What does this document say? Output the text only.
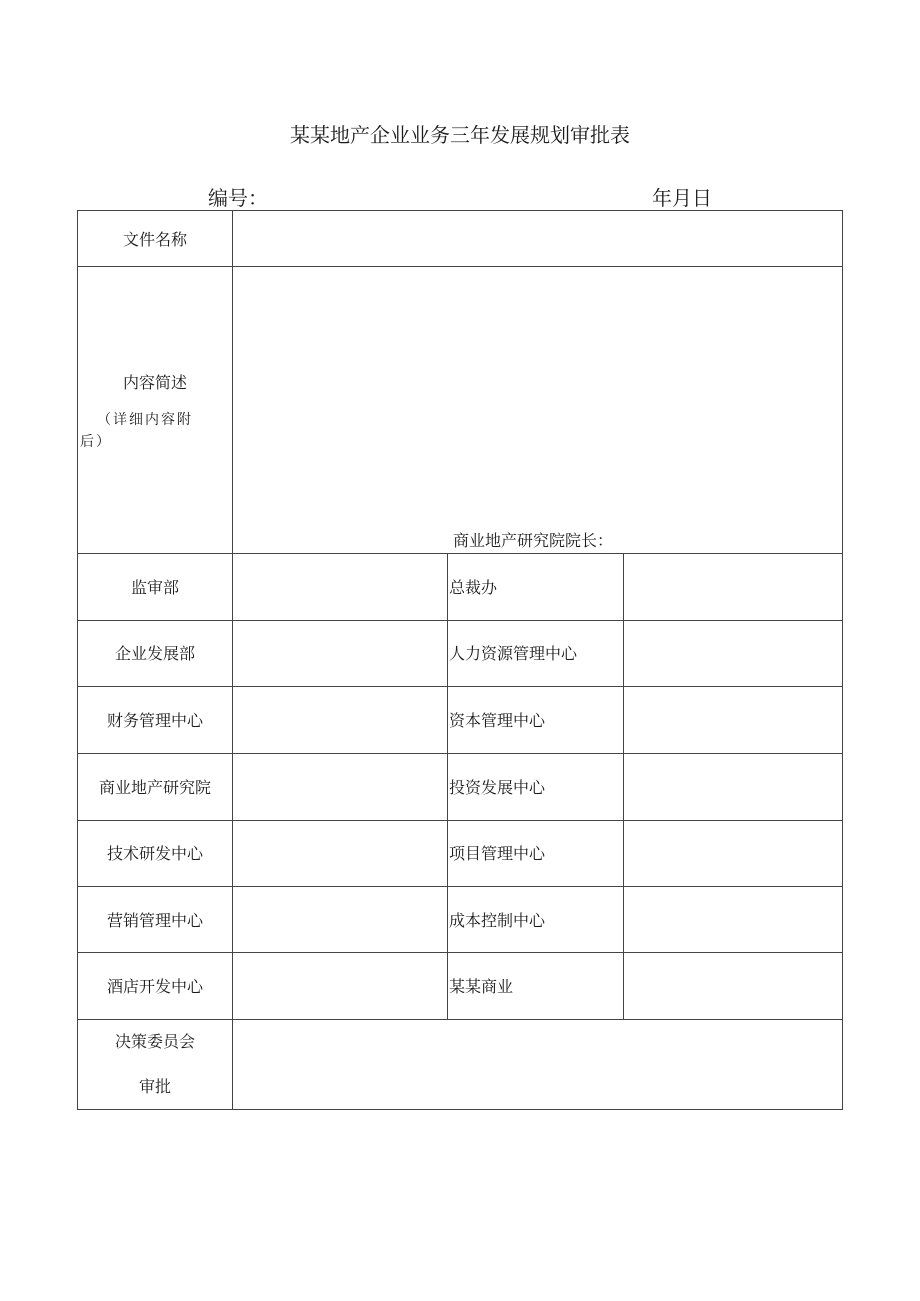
某某地产企业业务三年发展规划审批表
编号：	年月日
文件名称
内容简述
（详细内容附
后）
商业地产研究院院长：
监审部	总裁办
企业发展部	人力资源管理中心
财务管理中心	资本管理中心
商业地产研究院	投资发展中心
技术研发中心	项目管理中心
营销管理中心	成本控制中心
酒店开发中心	某某商业
决策委员会
审批
